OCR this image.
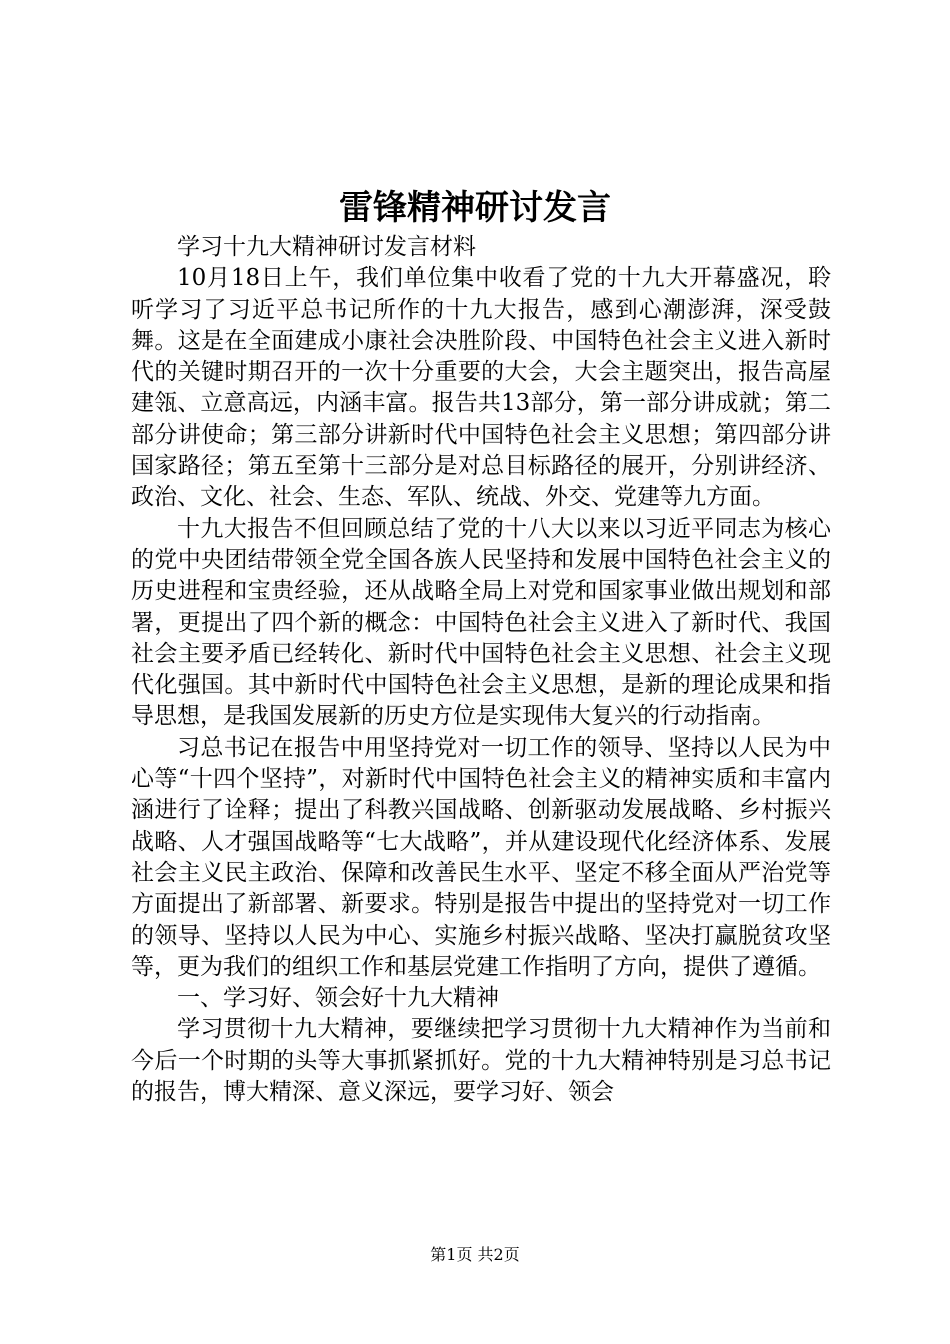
雷锋精神研讨发言

学习十九大精神研讨发言材料

10月18日上午，我们单位集中收看了党的十九大开幕盛况，聆听学习了习近平总书记所作的十九大报告，感到心潮澎湃，深受鼓舞。这是在全面建成小康社会决胜阶段、中国特色社会主义进入新时代的关键时期召开的一次十分重要的大会，大会主题突出，报告高屋建瓴、立意高远，内涵丰富。报告共13部分，第一部分讲成就；第二部分讲使命；第三部分讲新时代中国特色社会主义思想；第四部分讲国家路径；第五至第十三部分是对总目标路径的展开，分别讲经济、政治、文化、社会、生态、军队、统战、外交、党建等九方面。

十九大报告不但回顾总结了党的十八大以来以习近平同志为核心的党中央团结带领全党全国各族人民坚持和发展中国特色社会主义的历史进程和宝贵经验，还从战略全局上对党和国家事业做出规划和部署，更提出了四个新的概念：中国特色社会主义进入了新时代、我国社会主要矛盾已经转化、新时代中国特色社会主义思想、社会主义现代化强国。其中新时代中国特色社会主义思想，是新的理论成果和指导思想，是我国发展新的历史方位是实现伟大复兴的行动指南。

习总书记在报告中用坚持党对一切工作的领导、坚持以人民为中心等“十四个坚持”，对新时代中国特色社会主义的精神实质和丰富内涵进行了诠释；提出了科教兴国战略、创新驱动发展战略、乡村振兴战略、人才强国战略等“七大战略”，并从建设现代化经济体系、发展社会主义民主政治、保障和改善民生水平、坚定不移全面从严治党等方面提出了新部署、新要求。特别是报告中提出的坚持党对一切工作的领导、坚持以人民为中心、实施乡村振兴战略、坚决打赢脱贫攻坚等，更为我们的组织工作和基层党建工作指明了方向，提供了遵循。

一、学习好、领会好十九大精神

学习贯彻十九大精神，要继续把学习贯彻十九大精神作为当前和今后一个时期的头等大事抓紧抓好。党的十九大精神特别是习总书记的报告，博大精深、意义深远，要学习好、领会

第1页 共2页
